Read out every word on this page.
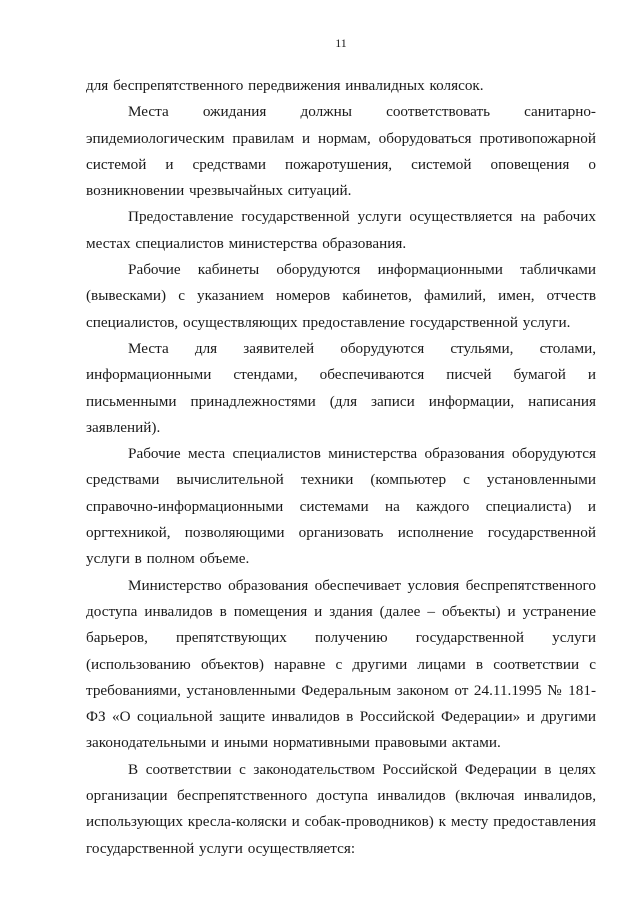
11

для беспрепятственного передвижения инвалидных колясок.

Места ожидания должны соответствовать санитарно-эпидемиологическим правилам и нормам, оборудоваться противопожарной системой и средствами пожаротушения, системой оповещения о возникновении чрезвычайных ситуаций.

Предоставление государственной услуги осуществляется на рабочих местах специалистов министерства образования.

Рабочие кабинеты оборудуются информационными табличками (вывесками) с указанием номеров кабинетов, фамилий, имен, отчеств специалистов, осуществляющих предоставление государственной услуги.

Места для заявителей оборудуются стульями, столами, информационными стендами, обеспечиваются писчей бумагой и письменными принадлежностями (для записи информации, написания заявлений).

Рабочие места специалистов министерства образования оборудуются средствами вычислительной техники (компьютер с установленными справочно-информационными системами на каждого специалиста) и оргтехникой, позволяющими организовать исполнение государственной услуги в полном объеме.

Министерство образования обеспечивает условия беспрепятственного доступа инвалидов в помещения и здания (далее – объекты) и устранение барьеров, препятствующих получению государственной услуги (использованию объектов) наравне с другими лицами в соответствии с требованиями, установленными Федеральным законом от 24.11.1995 № 181-ФЗ «О социальной защите инвалидов в Российской Федерации» и другими законодательными и иными нормативными правовыми актами.

В соответствии с законодательством Российской Федерации в целях организации беспрепятственного доступа инвалидов (включая инвалидов, использующих кресла-коляски и собак-проводников) к месту предоставления государственной услуги осуществляется:
